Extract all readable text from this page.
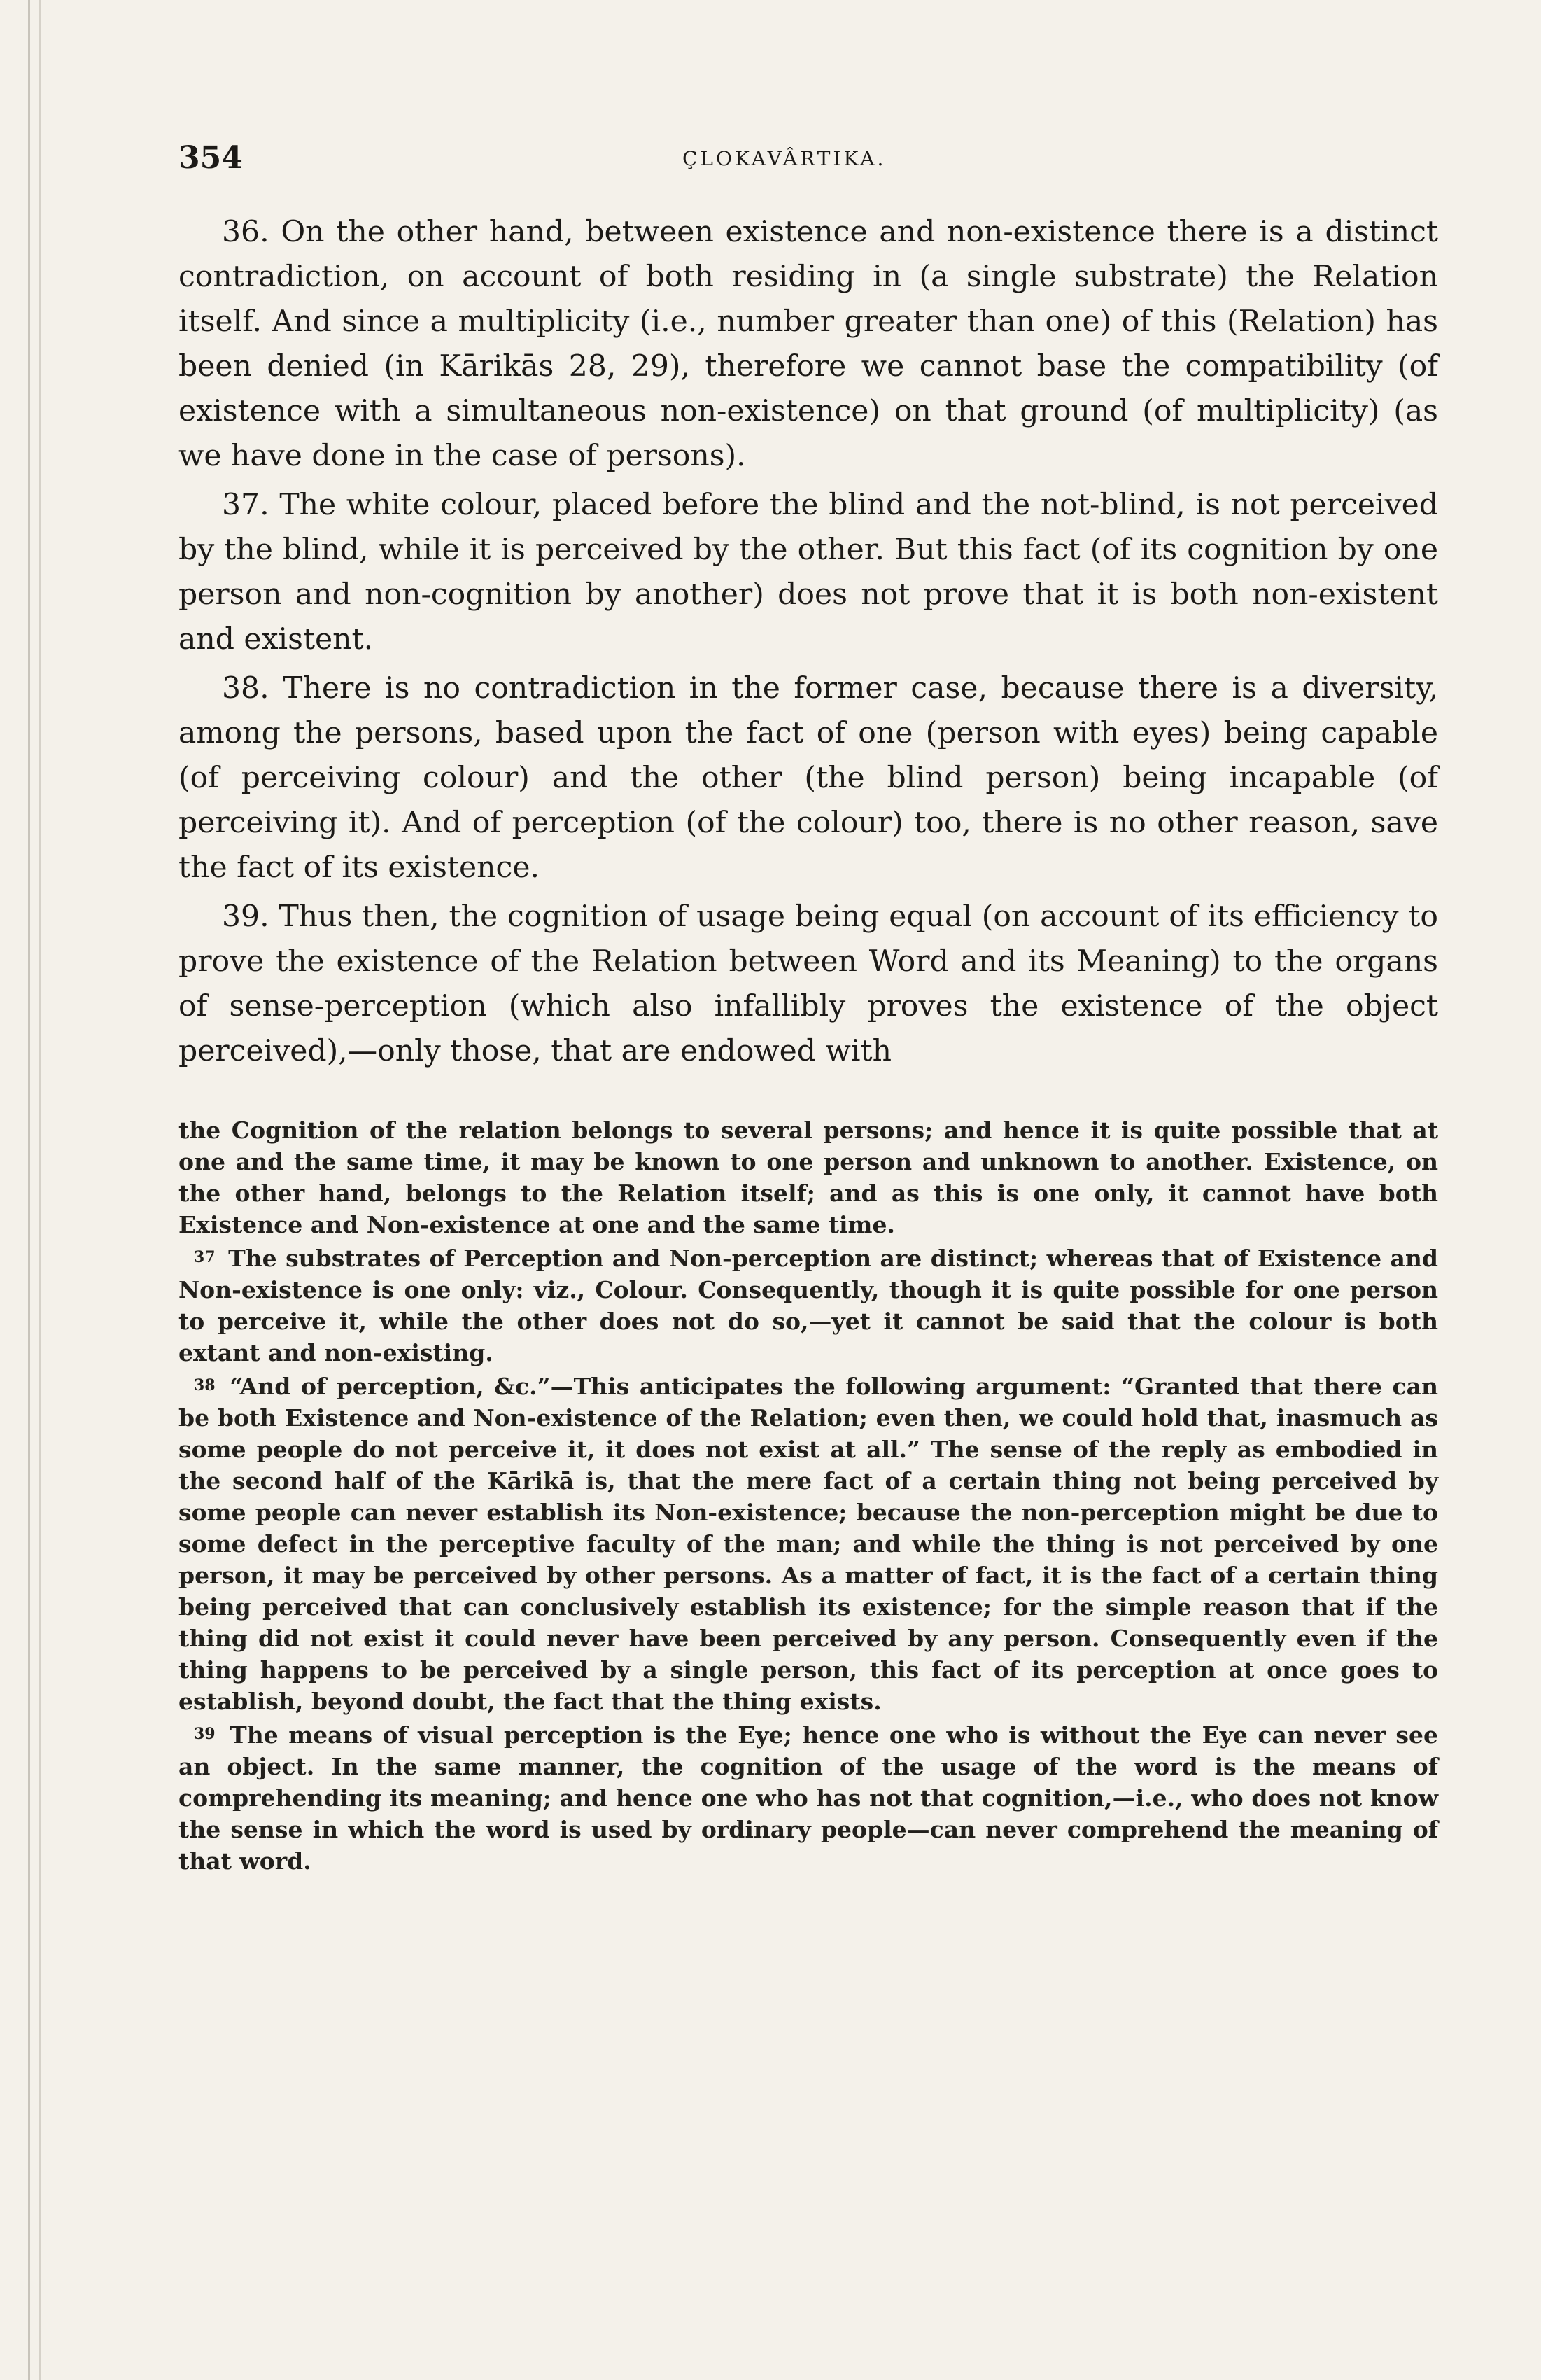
354	ÇLOKAVÂRTIKA.

36. On the other hand, between existence and non-existence there is a distinct contradiction, on account of both residing in (a single substrate) the Relation itself. And since a multiplicity (i.e., number greater than one) of this (Relation) has been denied (in Kārikās 28, 29), therefore we cannot base the compatibility (of existence with a simultaneous non-existence) on that ground (of multiplicity) (as we have done in the case of persons).

37. The white colour, placed before the blind and the not-blind, is not perceived by the blind, while it is perceived by the other. But this fact (of its cognition by one person and non-cognition by another) does not prove that it is both non-existent and existent.

38. There is no contradiction in the former case, because there is a diversity, among the persons, based upon the fact of one (person with eyes) being capable (of perceiving colour) and the other (the blind person) being incapable (of perceiving it). And of perception (of the colour) too, there is no other reason, save the fact of its existence.

39. Thus then, the cognition of usage being equal (on account of its efficiency to prove the existence of the Relation between Word and its Meaning) to the organs of sense-perception (which also infallibly proves the existence of the object perceived),—only those, that are endowed with

the Cognition of the relation belongs to several persons; and hence it is quite possible that at one and the same time, it may be known to one person and unknown to another. Existence, on the other hand, belongs to the Relation itself; and as this is one only, it cannot have both Existence and Non-existence at one and the same time.

37 The substrates of Perception and Non-perception are distinct; whereas that of Existence and Non-existence is one only: viz., Colour. Consequently, though it is quite possible for one person to perceive it, while the other does not do so,—yet it cannot be said that the colour is both extant and non-existing.

38 “And of perception, &c.”—This anticipates the following argument: “Granted that there can be both Existence and Non-existence of the Relation; even then, we could hold that, inasmuch as some people do not perceive it, it does not exist at all.” The sense of the reply as embodied in the second half of the Kārikā is, that the mere fact of a certain thing not being perceived by some people can never establish its Non-existence; because the non-perception might be due to some defect in the perceptive faculty of the man; and while the thing is not perceived by one person, it may be perceived by other persons. As a matter of fact, it is the fact of a certain thing being perceived that can conclusively establish its existence; for the simple reason that if the thing did not exist it could never have been perceived by any person. Consequently even if the thing happens to be perceived by a single person, this fact of its perception at once goes to establish, beyond doubt, the fact that the thing exists.

39 The means of visual perception is the Eye; hence one who is without the Eye can never see an object. In the same manner, the cognition of the usage of the word is the means of comprehending its meaning; and hence one who has not that cognition,—i.e., who does not know the sense in which the word is used by ordinary people—can never comprehend the meaning of that word.
